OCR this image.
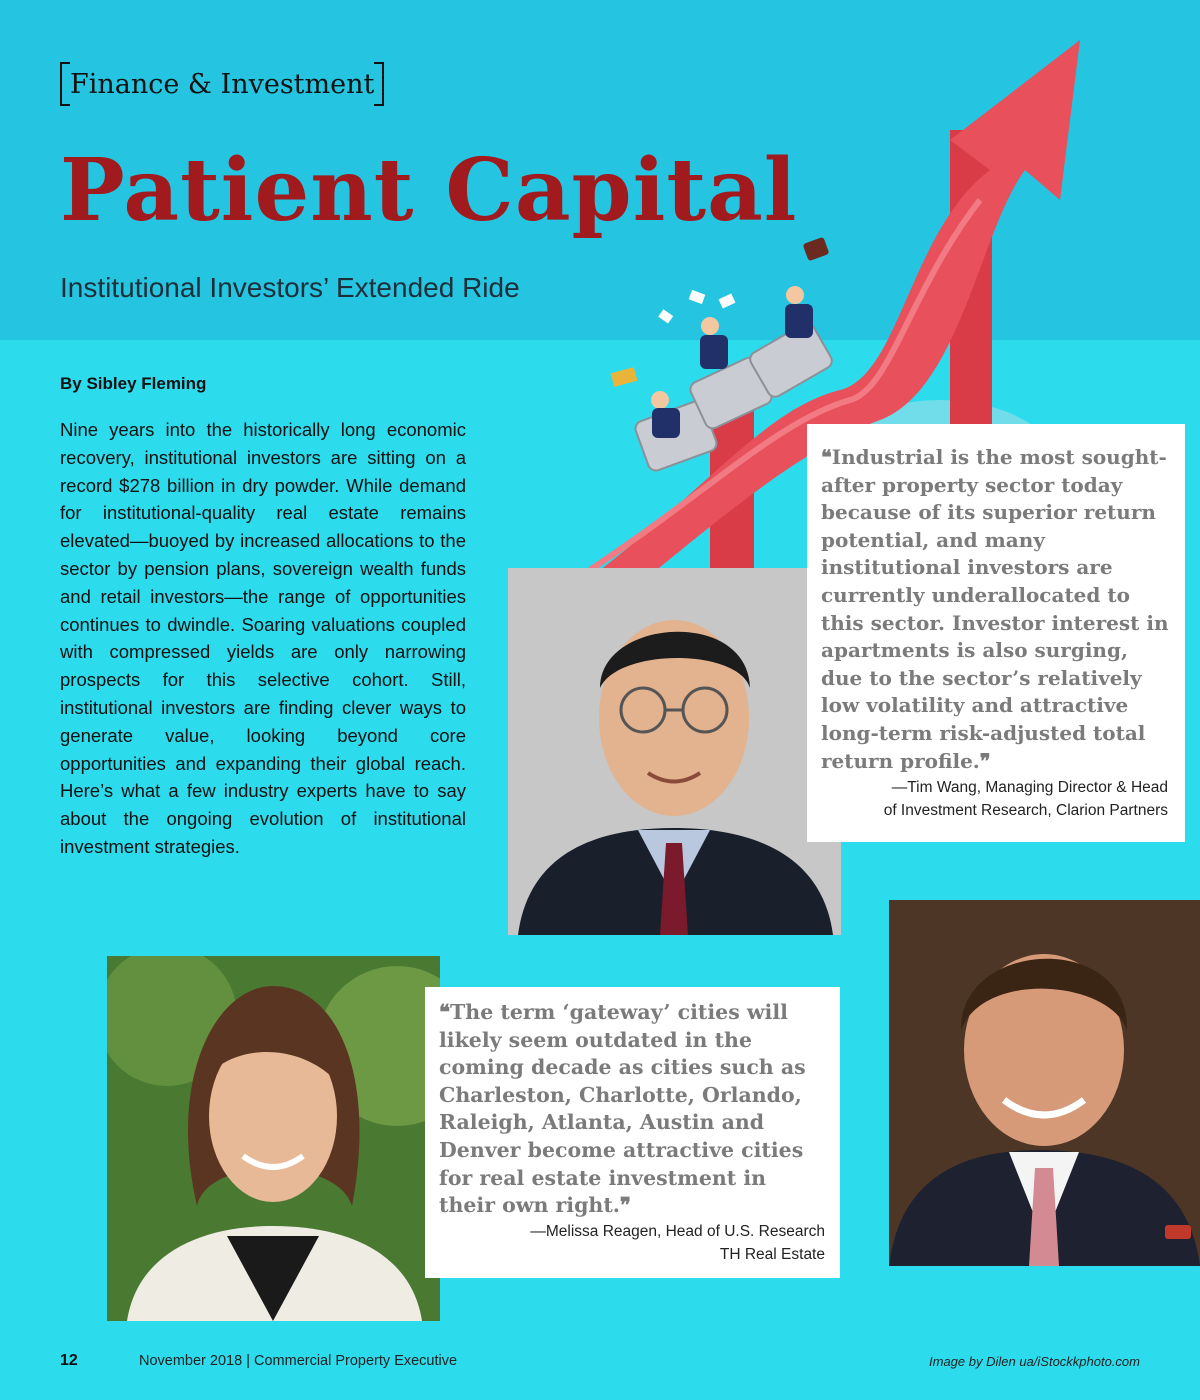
Finance & Investment
Patient Capital
Institutional Investors’ Extended Ride
By Sibley Fleming
Nine years into the historically long economic recovery, institutional investors are sitting on a record $278 billion in dry powder. While demand for institutional-quality real estate remains elevated—buoyed by increased allocations to the sector by pension plans, sovereign wealth funds and retail investors—the range of opportunities continues to dwindle. Soaring valuations coupled with compressed yields are only narrowing prospects for this selective cohort. Still, institutional investors are finding clever ways to generate value, looking beyond core opportunities and expanding their global reach. Here’s what a few industry experts have to say about the ongoing evolution of institutional investment strategies.
❝Industrial is the most sought-after property sector today because of its superior return potential, and many institutional investors are currently underallocated to this sector. Investor interest in apartments is also surging, due to the sector’s relatively low volatility and attractive long-term risk-adjusted total return profile.❞
—Tim Wang, Managing Director & Head
of Investment Research, Clarion Partners
❝The term ‘gateway’ cities will likely seem outdated in the coming decade as cities such as Charleston, Charlotte, Orlando, Raleigh, Atlanta, Austin and Denver become attractive cities for real estate investment in their own right.❞
—Melissa Reagen, Head of U.S. Research
TH Real Estate
12	November 2018 | Commercial Property Executive	Image by Dilen ua/iStockkphoto.com
